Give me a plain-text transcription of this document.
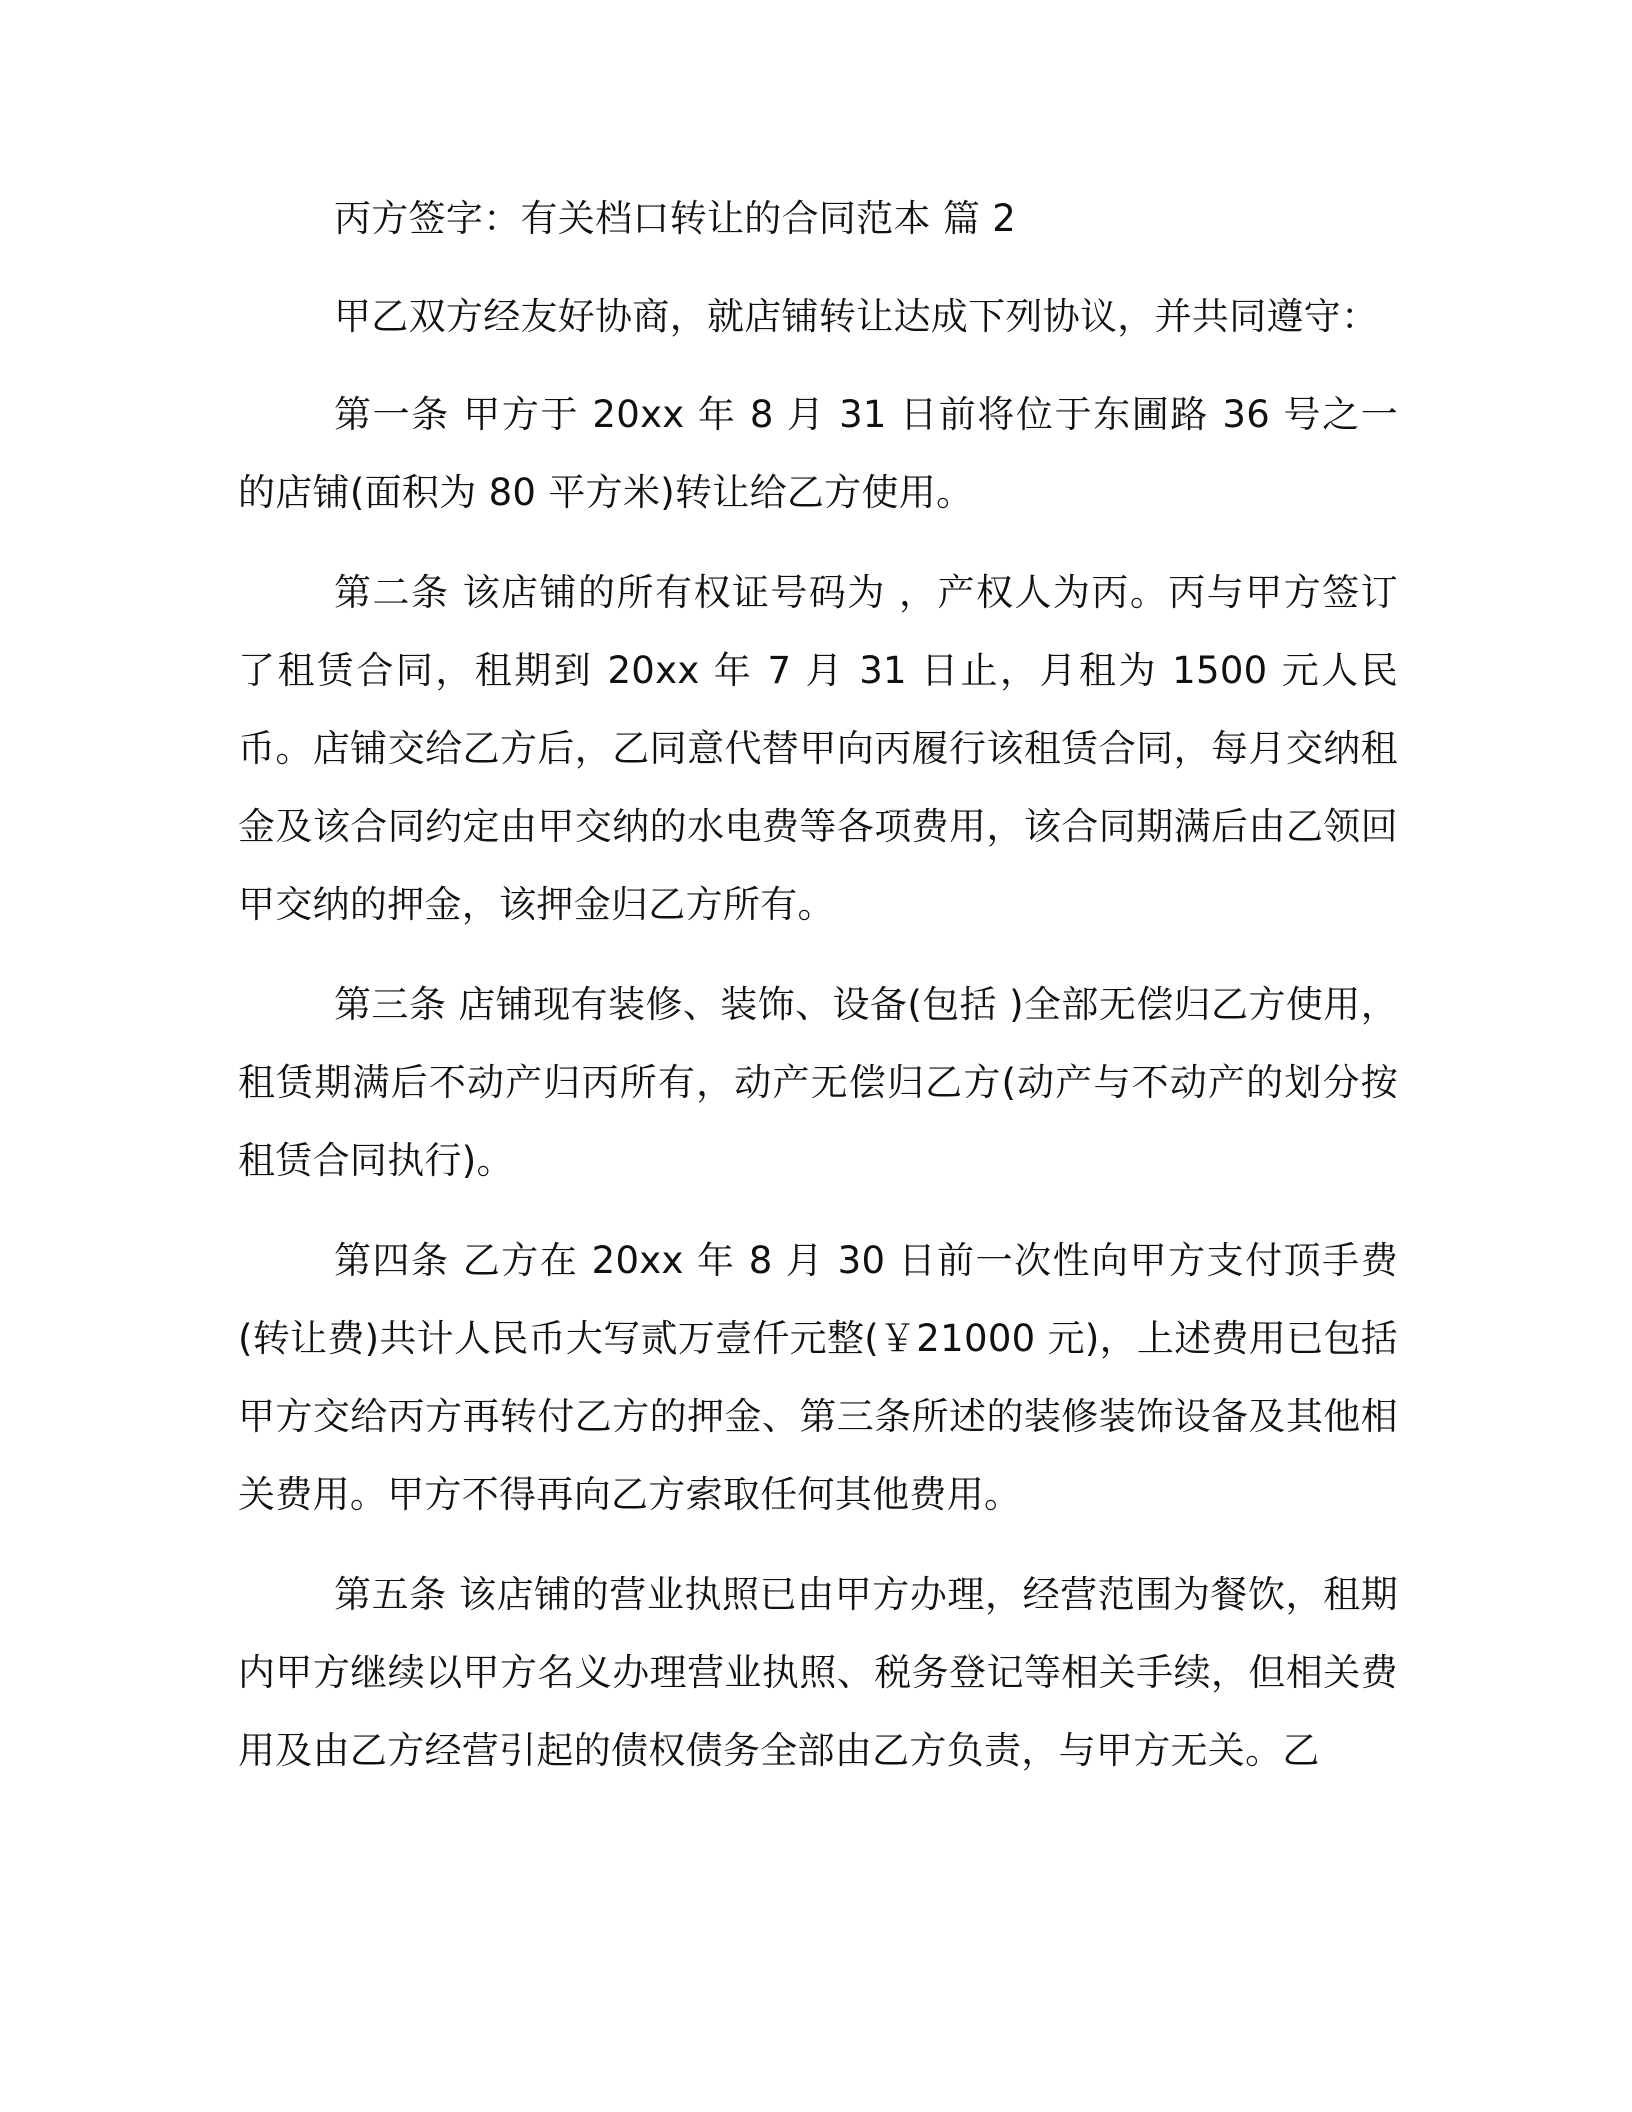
丙方签字：有关档口转让的合同范本 篇 2

甲乙双方经友好协商，就店铺转让达成下列协议，并共同遵守：

第一条 甲方于 20xx 年 8 月 31 日前将位于东圃路 36 号之一的店铺(面积为 80 平方米)转让给乙方使用。

第二条 该店铺的所有权证号码为 ，产权人为丙。丙与甲方签订了租赁合同，租期到 20xx 年 7 月 31 日止，月租为 1500 元人民币。店铺交给乙方后，乙同意代替甲向丙履行该租赁合同，每月交纳租金及该合同约定由甲交纳的水电费等各项费用，该合同期满后由乙领回甲交纳的押金，该押金归乙方所有。

第三条 店铺现有装修、装饰、设备(包括 )全部无偿归乙方使用，租赁期满后不动产归丙所有，动产无偿归乙方(动产与不动产的划分按租赁合同执行)。

第四条 乙方在 20xx 年 8 月 30 日前一次性向甲方支付顶手费(转让费)共计人民币大写贰万壹仟元整(￥21000 元)，上述费用已包括甲方交给丙方再转付乙方的押金、第三条所述的装修装饰设备及其他相关费用。甲方不得再向乙方索取任何其他费用。

第五条 该店铺的营业执照已由甲方办理，经营范围为餐饮，租期内甲方继续以甲方名义办理营业执照、税务登记等相关手续，但相关费用及由乙方经营引起的债权债务全部由乙方负责，与甲方无关。乙
